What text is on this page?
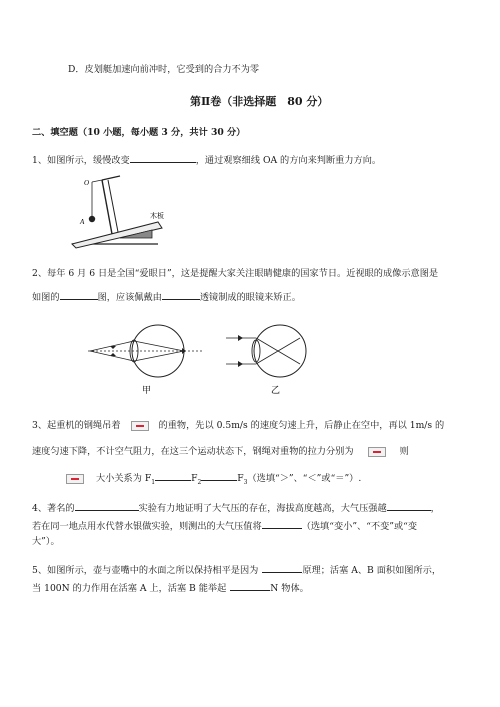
D．皮划艇加速向前冲时，它受到的合力不为零
第Ⅱ卷（非选择题　80 分）
二、填空题（10 小题，每小题 3 分，共计 30 分）
1、如图所示，缓慢改变	，通过观察细线 OA 的方向来判断重力方向。
O
A
木板
2、每年 6 月 6 日是全国“爱眼日”，这是提醒大家关注眼睛健康的国家节日。近视眼的成像示意图是
如图的	图，应该佩戴由	透镜制成的眼镜来矫正。
甲	乙
3、起重机的钢绳吊着	的重物，先以 0.5m/s 的速度匀速上升，后静止在空中，再以 1m/s 的
速度匀速下降，不计空气阻力，在这三个运动状态下，钢绳对重物的拉力分别为	则
大小关系为 $F_1$	$F_2$	$F_3$（选填“＞”、“＜”或“＝”）.
4、著名的	实验有力地证明了大气压的存在，海拔高度越高，大气压强越	，
若在同一地点用水代替水银做实验，则测出的大气压值将	（选填“变小”、“不变”或“变
大”）。
5、如图所示，壶与壶嘴中的水面之所以保持相平是因为	原理；活塞 A、B 面积如图所示，
当 100N 的力作用在活塞 A 上，活塞 B 能举起	N 物体。
